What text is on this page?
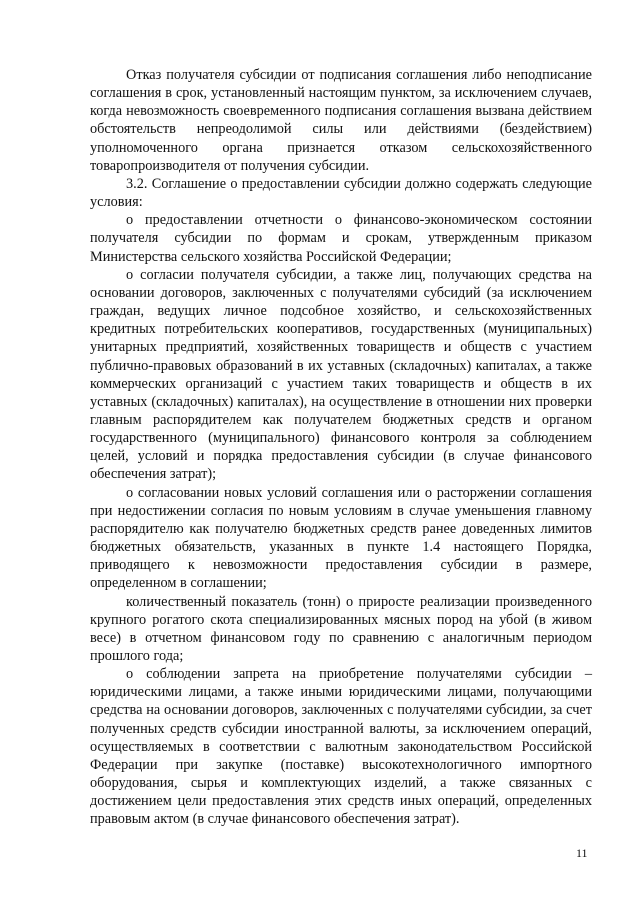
Отказ получателя субсидии от подписания соглашения либо неподписание соглашения в срок, установленный настоящим пунктом, за исключением случаев, когда невозможность своевременного подписания соглашения вызвана действием обстоятельств непреодолимой силы или действиями (бездействием) уполномоченного органа признается отказом сельскохозяйственного товаропроизводителя от получения субсидии.

3.2. Соглашение о предоставлении субсидии должно содержать следующие условия:

о предоставлении отчетности о финансово-экономическом состоянии получателя субсидии по формам и срокам, утвержденным приказом Министерства сельского хозяйства Российской Федерации;

о согласии получателя субсидии, а также лиц, получающих средства на основании договоров, заключенных с получателями субсидий (за исключением граждан, ведущих личное подсобное хозяйство, и сельскохозяйственных кредитных потребительских кооперативов, государственных (муниципальных) унитарных предприятий, хозяйственных товариществ и обществ с участием публично-правовых образований в их уставных (складочных) капиталах, а также коммерческих организаций с участием таких товариществ и обществ в их уставных (складочных) капиталах), на осуществление в отношении них проверки главным распорядителем как получателем бюджетных средств и органом государственного (муниципального) финансового контроля за соблюдением целей, условий и порядка предоставления субсидии (в случае финансового обеспечения затрат);

о согласовании новых условий соглашения или о расторжении соглашения при недостижении согласия по новым условиям в случае уменьшения главному распорядителю как получателю бюджетных средств ранее доведенных лимитов бюджетных обязательств, указанных в пункте 1.4 настоящего Порядка, приводящего к невозможности предоставления субсидии в размере, определенном в соглашении;

количественный показатель (тонн) о приросте реализации произведенного крупного рогатого скота специализированных мясных пород на убой (в живом весе) в отчетном финансовом году по сравнению с аналогичным периодом прошлого года;

о соблюдении запрета на приобретение получателями субсидии – юридическими лицами, а также иными юридическими лицами, получающими средства на основании договоров, заключенных с получателями субсидии, за счет полученных средств субсидии иностранной валюты, за исключением операций, осуществляемых в соответствии с валютным законодательством Российской Федерации при закупке (поставке) высокотехнологичного импортного оборудования, сырья и комплектующих изделий, а также связанных с достижением цели предоставления этих средств иных операций, определенных правовым актом (в случае финансового обеспечения затрат).

11
